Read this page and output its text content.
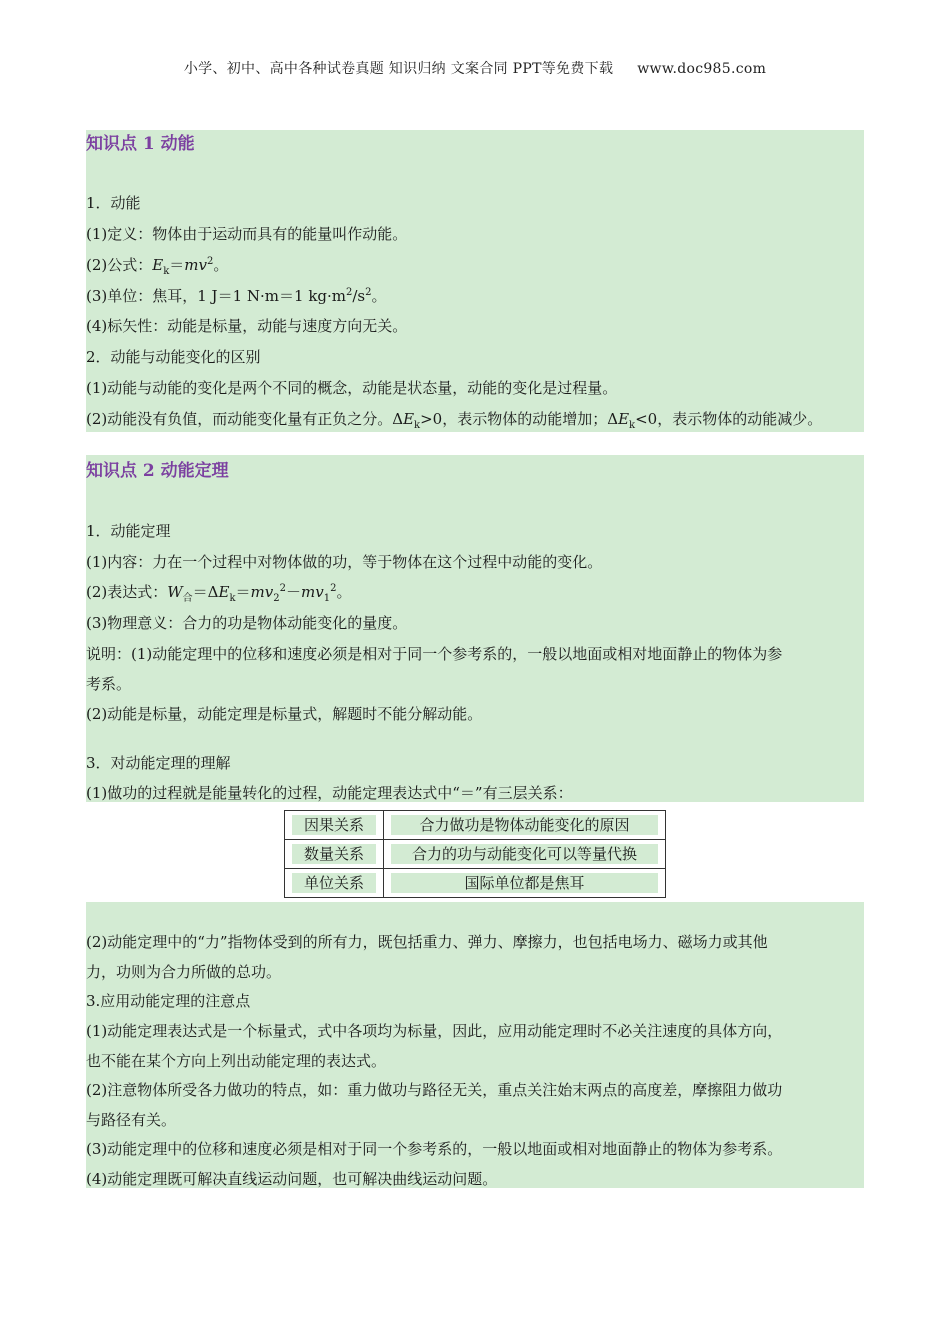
小学、初中、高中各种试卷真题 知识归纳 文案合同 PPT等免费下载 www.doc985.com
知识点 1 动能
1．动能
(1)定义：物体由于运动而具有的能量叫作动能。
(2)公式：$E_k=mv^2$。
(3)单位：焦耳，1 J＝1 N·m＝1 $kg\cdot m^2/s^2$。
(4)标矢性：动能是标量，动能与速度方向无关。
2．动能与动能变化的区别
(1)动能与动能的变化是两个不同的概念，动能是状态量，动能的变化是过程量。
(2)动能没有负值，而动能变化量有正负之分。$\Delta E_k>0$，表示物体的动能增加；$\Delta E_k<0$，表示物体的动能减少。
知识点 2 动能定理
1．动能定理
(1)内容：力在一个过程中对物体做的功，等于物体在这个过程中动能的变化。
(2)表达式：$W_合=\Delta E_k=mv_2^2-mv_1^2$。
(3)物理意义：合力的功是物体动能变化的量度。
说明：(1)动能定理中的位移和速度必须是相对于同一个参考系的，一般以地面或相对地面静止的物体为参
考系。
(2)动能是标量，动能定理是标量式，解题时不能分解动能。
3．对动能定理的理解
(1)做功的过程就是能量转化的过程，动能定理表达式中“＝”有三层关系：
因果关系	合力做功是物体动能变化的原因

数量关系	合力的功与动能变化可以等量代换

单位关系	国际单位都是焦耳
(2)动能定理中的“力”指物体受到的所有力，既包括重力、弹力、摩擦力，也包括电场力、磁场力或其他
力，功则为合力所做的总功。
3.应用动能定理的注意点
(1)动能定理表达式是一个标量式，式中各项均为标量，因此，应用动能定理时不必关注速度的具体方向，
也不能在某个方向上列出动能定理的表达式。
(2)注意物体所受各力做功的特点，如：重力做功与路径无关，重点关注始末两点的高度差，摩擦阻力做功
与路径有关。
(3)动能定理中的位移和速度必须是相对于同一个参考系的，一般以地面或相对地面静止的物体为参考系。
(4)动能定理既可解决直线运动问题，也可解决曲线运动问题。
